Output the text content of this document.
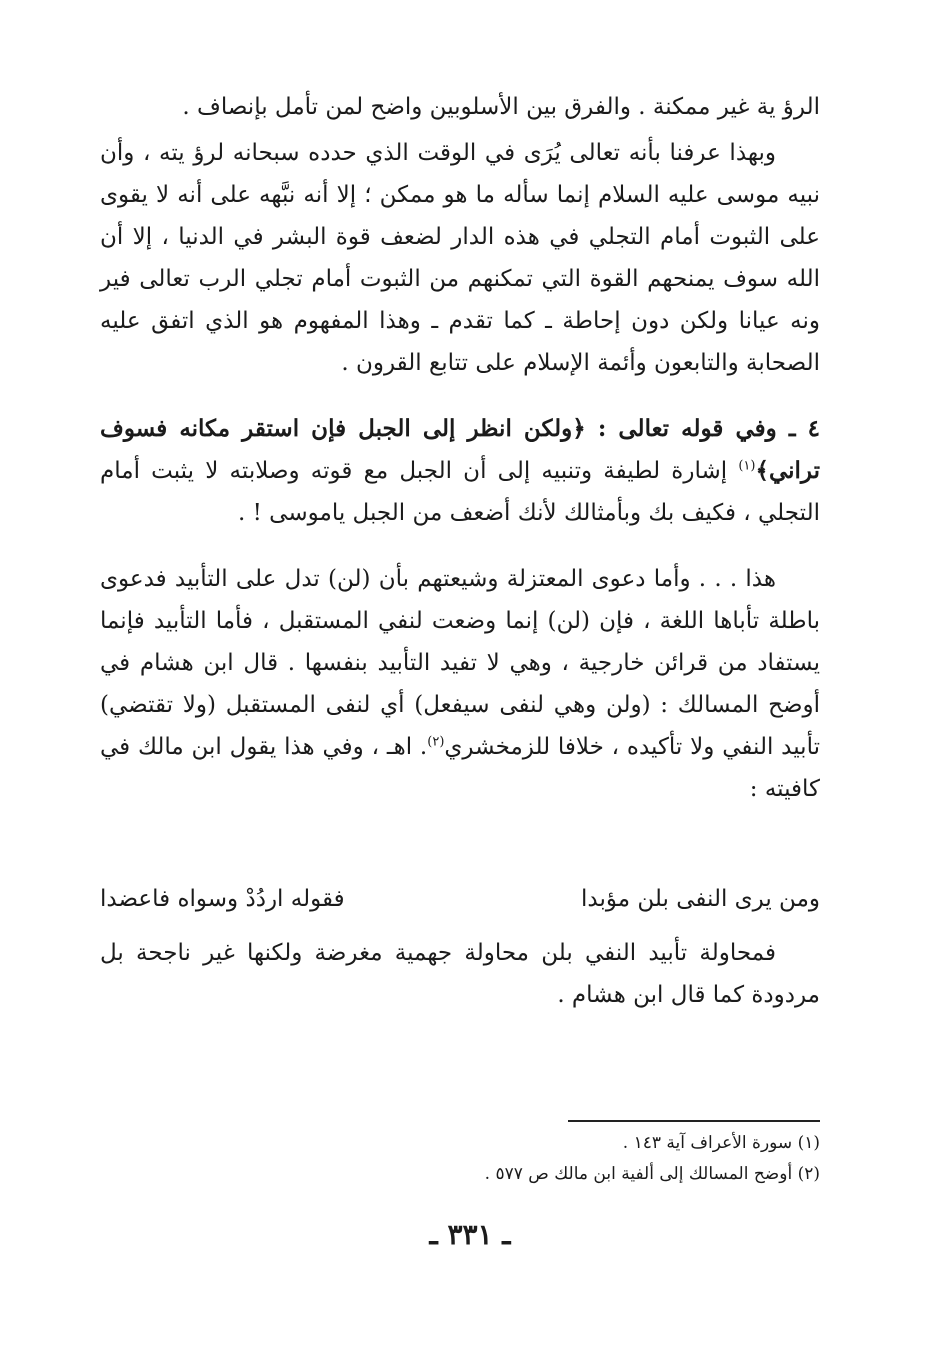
الرؤ ية غير ممكنة . والفرق بين الأسلوبين واضح لمن تأمل بإنصاف .

وبهذا عرفنا بأنه تعالى يُرَى في الوقت الذي حدده سبحانه لرؤ يته ، وأن نبيه موسى عليه السلام إنما سأله ما هو ممكن ؛ إلا أنه نبَّهه على أنه لا يقوى على الثبوت أمام التجلي في هذه الدار لضعف قوة البشر في الدنيا ، إلا أن الله سوف يمنحهم القوة التي تمكنهم من الثبوت أمام تجلي الرب تعالى فير ونه عيانا ولكن دون إحاطة ـ كما تقدم ـ وهذا المفهوم هو الذي اتفق عليه الصحابة والتابعون وأئمة الإسلام على تتابع القرون .

٤ ـ وفي قوله تعالى : ﴿ولكن انظر إلى الجبل فإن استقر مكانه فسوف تراني﴾$^{(١)}$ إشارة لطيفة وتنبيه إلى أن الجبل مع قوته وصلابته لا يثبت أمام التجلي ، فكيف بك وبأمثالك لأنك أضعف من الجبل ياموسى ! .

هذا . . . وأما دعوى المعتزلة وشيعتهم بأن (لن) تدل على التأبيد فدعوى باطلة تأباها اللغة ، فإن (لن) إنما وضعت لنفي المستقبل ، فأما التأبيد فإنما يستفاد من قرائن خارجية ، وهي لا تفيد التأبيد بنفسها . قال ابن هشام في أوضح المسالك : (ولن وهي لنفى سيفعل) أي لنفى المستقبل (ولا تقتضي) تأبيد النفي ولا تأكيده ، خلافا للزمخشري$^{(٢)}$. اهـ ، وفي هذا يقول ابن مالك في كافيته :

ومن يرى النفى بلن مؤبدا
فقوله اردُدْ وسواه فاعضدا

فمحاولة تأبيد النفي بلن محاولة جهمية مغرضة ولكنها غير ناجحة بل مردودة كما قال ابن هشام .

(١) سورة الأعراف آية ١٤٣ .

(٢) أوضح المسالك إلى ألفية ابن مالك ص ٥٧٧ .

ـ ٣٣١ ـ
